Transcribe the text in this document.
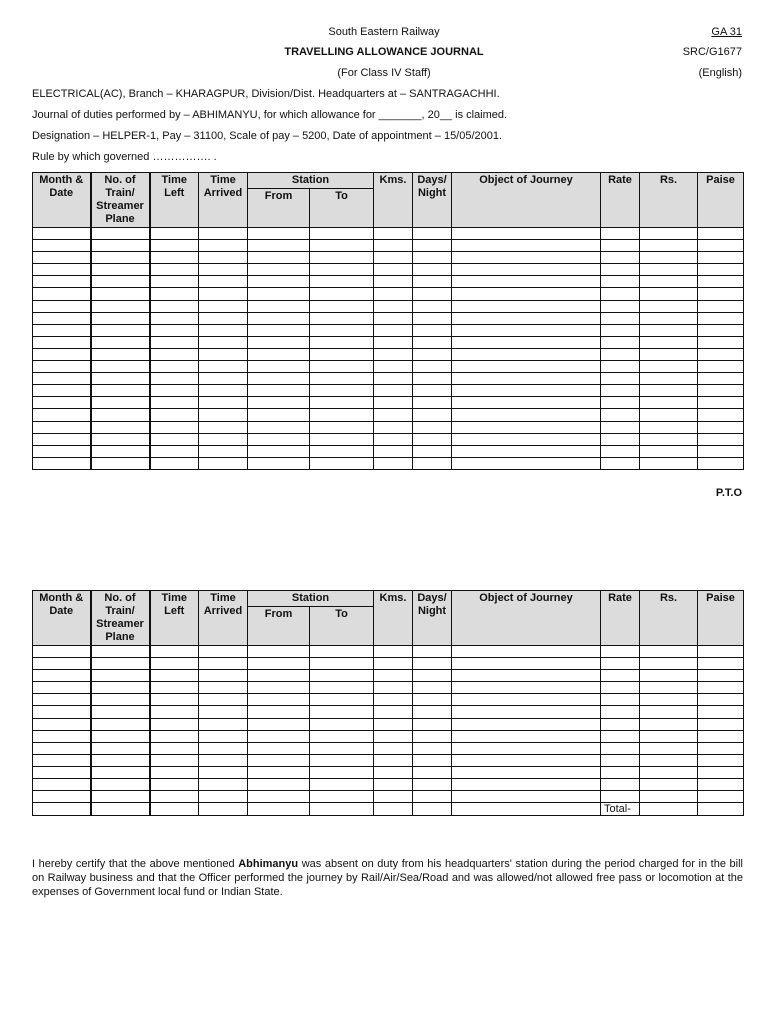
South Eastern Railway	GA 31
TRAVELLING ALLOWANCE JOURNAL	SRC/G1677
(For Class IV Staff)	(English)
ELECTRICAL(AC), Branch – KHARAGPUR, Division/Dist. Headquarters at – SANTRAGACHHI.
Journal of duties performed by – ABHIMANYU, for which allowance for _______, 20__ is claimed.
Designation – HELPER-1, Pay – 31100, Scale of pay – 5200, Date of appointment – 15/05/2001.
Rule by which governed ……………. .
Month & Date	No. of Train/ Streamer Plane	Time Left	Time Arrived	Station		Kms.	Days/ Night	Object of Journey	Rate	Rs.	Paise
				From	To						

P.T.O
Month & Date	No. of Train/ Streamer Plane	Time Left	Time Arrived	Station		Kms.	Days/ Night	Object of Journey	Rate	Rs.	Paise
				From	To						

									Total-		
I hereby certify that the above mentioned Abhimanyu was absent on duty from his headquarters' station during the period charged for in the bill on Railway business and that the Officer performed the journey by Rail/Air/Sea/Road and was allowed/not allowed free pass or locomotion at the expenses of Government local fund or Indian State.
